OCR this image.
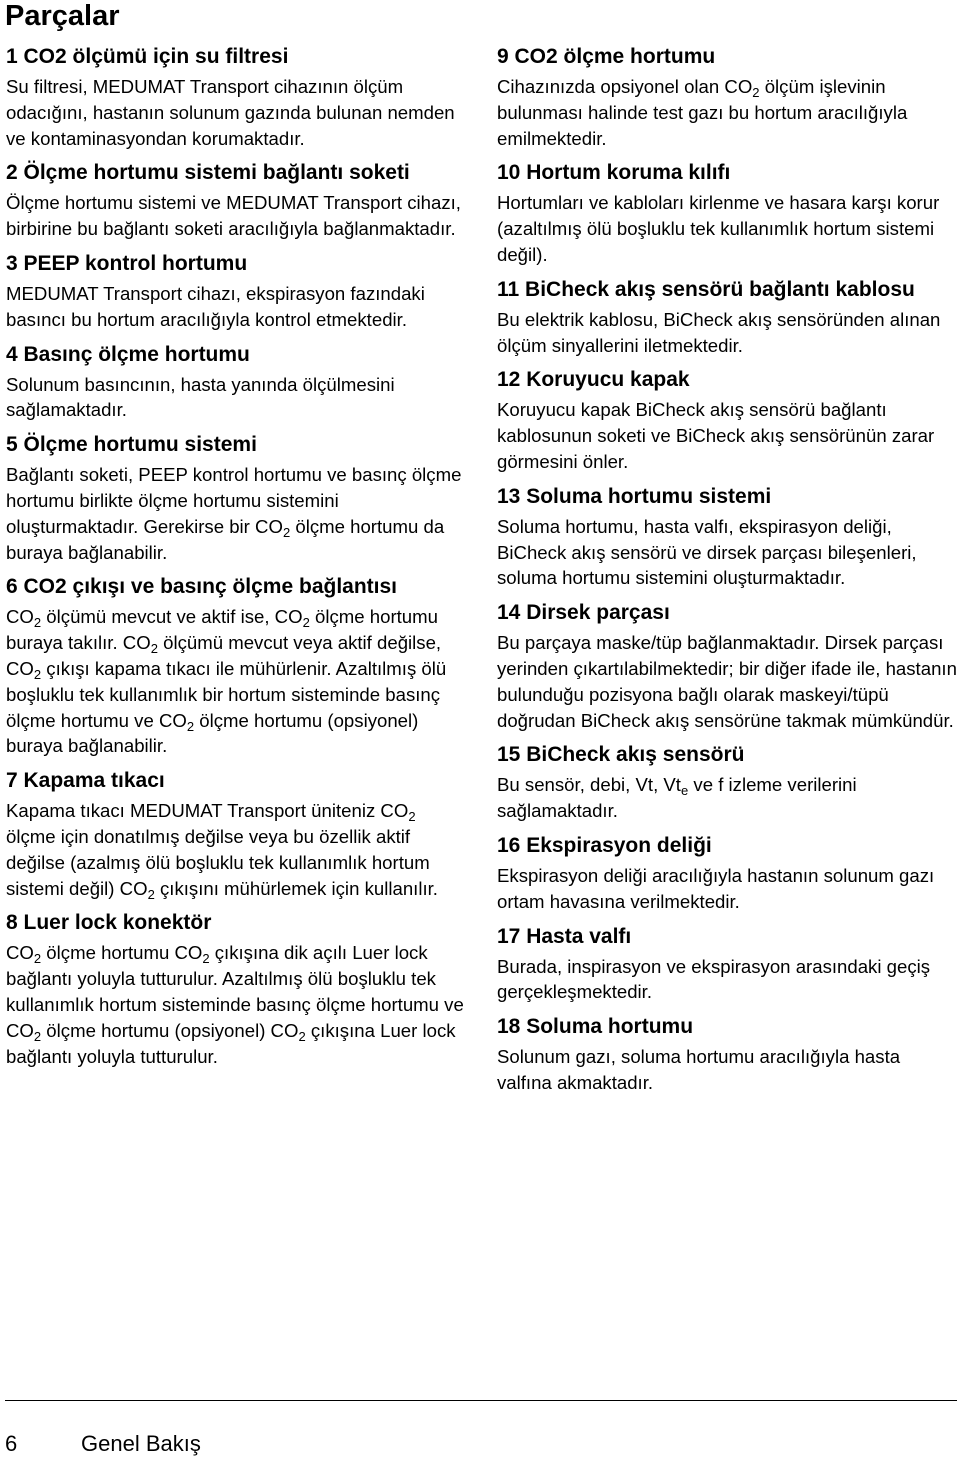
Parçalar
1 CO2 ölçümü için su filtresi

Su filtresi, MEDUMAT Transport cihazının ölçüm odacığını, hastanın solunum gazında bulunan nemden ve kontaminasyondan korumaktadır.

2 Ölçme hortumu sistemi bağlantı soketi

Ölçme hortumu sistemi ve MEDUMAT Transport cihazı, birbirine bu bağlantı soketi aracılığıyla bağlanmaktadır.

3 PEEP kontrol hortumu

MEDUMAT Transport cihazı, ekspirasyon fazındaki basıncı bu hortum aracılığıyla kontrol etmektedir.

4 Basınç ölçme hortumu

Solunum basıncının, hasta yanında ölçülmesini sağlamaktadır.

5 Ölçme hortumu sistemi

Bağlantı soketi, PEEP kontrol hortumu ve basınç ölçme hortumu birlikte ölçme hortumu sistemini oluşturmaktadır. Gerekirse bir $CO_2$ ölçme hortumu da buraya bağlanabilir.

6 CO2 çıkışı ve basınç ölçme bağlantısı

$CO_2$ ölçümü mevcut ve aktif ise, $CO_2$ ölçme hortumu buraya takılır. $CO_2$ ölçümü mevcut veya aktif değilse, $CO_2$ çıkışı kapama tıkacı ile mühürlenir. Azaltılmış ölü boşluklu tek kullanımlık bir hortum sisteminde basınç ölçme hortumu ve $CO_2$ ölçme hortumu (opsiyonel) buraya bağlanabilir.

7 Kapama tıkacı

Kapama tıkacı MEDUMAT Transport üniteniz $CO_2$ ölçme için donatılmış değilse veya bu özellik aktif değilse (azalmış ölü boşluklu tek kullanımlık hortum sistemi değil) $CO_2$ çıkışını mühürlemek için kullanılır.

8 Luer lock konektör

$CO_2$ ölçme hortumu $CO_2$ çıkışına dik açılı Luer lock bağlantı yoluyla tutturulur. Azaltılmış ölü boşluklu tek kullanımlık hortum sisteminde basınç ölçme hortumu ve $CO_2$ ölçme hortumu (opsiyonel) $CO_2$ çıkışına Luer lock bağlantı yoluyla tutturulur.

9 CO2 ölçme hortumu

Cihazınızda opsiyonel olan $CO_2$ ölçüm işlevinin bulunması halinde test gazı bu hortum aracılığıyla emilmektedir.

10 Hortum koruma kılıfı

Hortumları ve kabloları kirlenme ve hasara karşı korur (azaltılmış ölü boşluklu tek kullanımlık hortum sistemi değil).

11 BiCheck akış sensörü bağlantı kablosu

Bu elektrik kablosu, BiCheck akış sensöründen alınan ölçüm sinyallerini iletmektedir.

12 Koruyucu kapak

Koruyucu kapak BiCheck akış sensörü bağlantı kablosunun soketi ve BiCheck akış sensörünün zarar görmesini önler.

13 Soluma hortumu sistemi

Soluma hortumu, hasta valfı, ekspirasyon deliği, BiCheck akış sensörü ve dirsek parçası bileşenleri, soluma hortumu sistemini oluşturmaktadır.

14 Dirsek parçası

Bu parçaya maske/tüp bağlanmaktadır. Dirsek parçası yerinden çıkartılabilmektedir; bir diğer ifade ile, hastanın bulunduğu pozisyona bağlı olarak maskeyi/tüpü doğrudan BiCheck akış sensörüne takmak mümkündür.

15 BiCheck akış sensörü

Bu sensör, debi, Vt, $Vt_e$ ve f izleme verilerini sağlamaktadır.

16 Ekspirasyon deliği

Ekspirasyon deliği aracılığıyla hastanın solunum gazı ortam havasına verilmektedir.

17 Hasta valfı

Burada, inspirasyon ve ekspirasyon arasındaki geçiş gerçekleşmektedir.

18 Soluma hortumu

Solunum gazı, soluma hortumu aracılığıyla hasta valfına akmaktadır.

6	Genel Bakış
